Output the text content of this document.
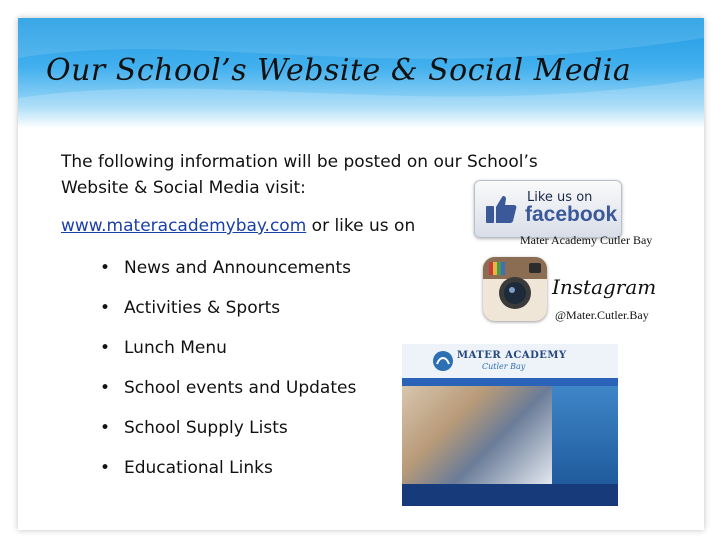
Our School’s Website & Social Media
The following information will be posted on our School’s Website & Social Media visit:
www.materacademybay.com or like us on
• News and Announcements
• Activities & Sports
• Lunch Menu
• School events and Updates
• School Supply Lists
• Educational Links
Like us on
facebook
Mater Academy Cutler Bay
Instagram
@Mater.Cutler.Bay
MATER ACADEMY
Cutler Bay
